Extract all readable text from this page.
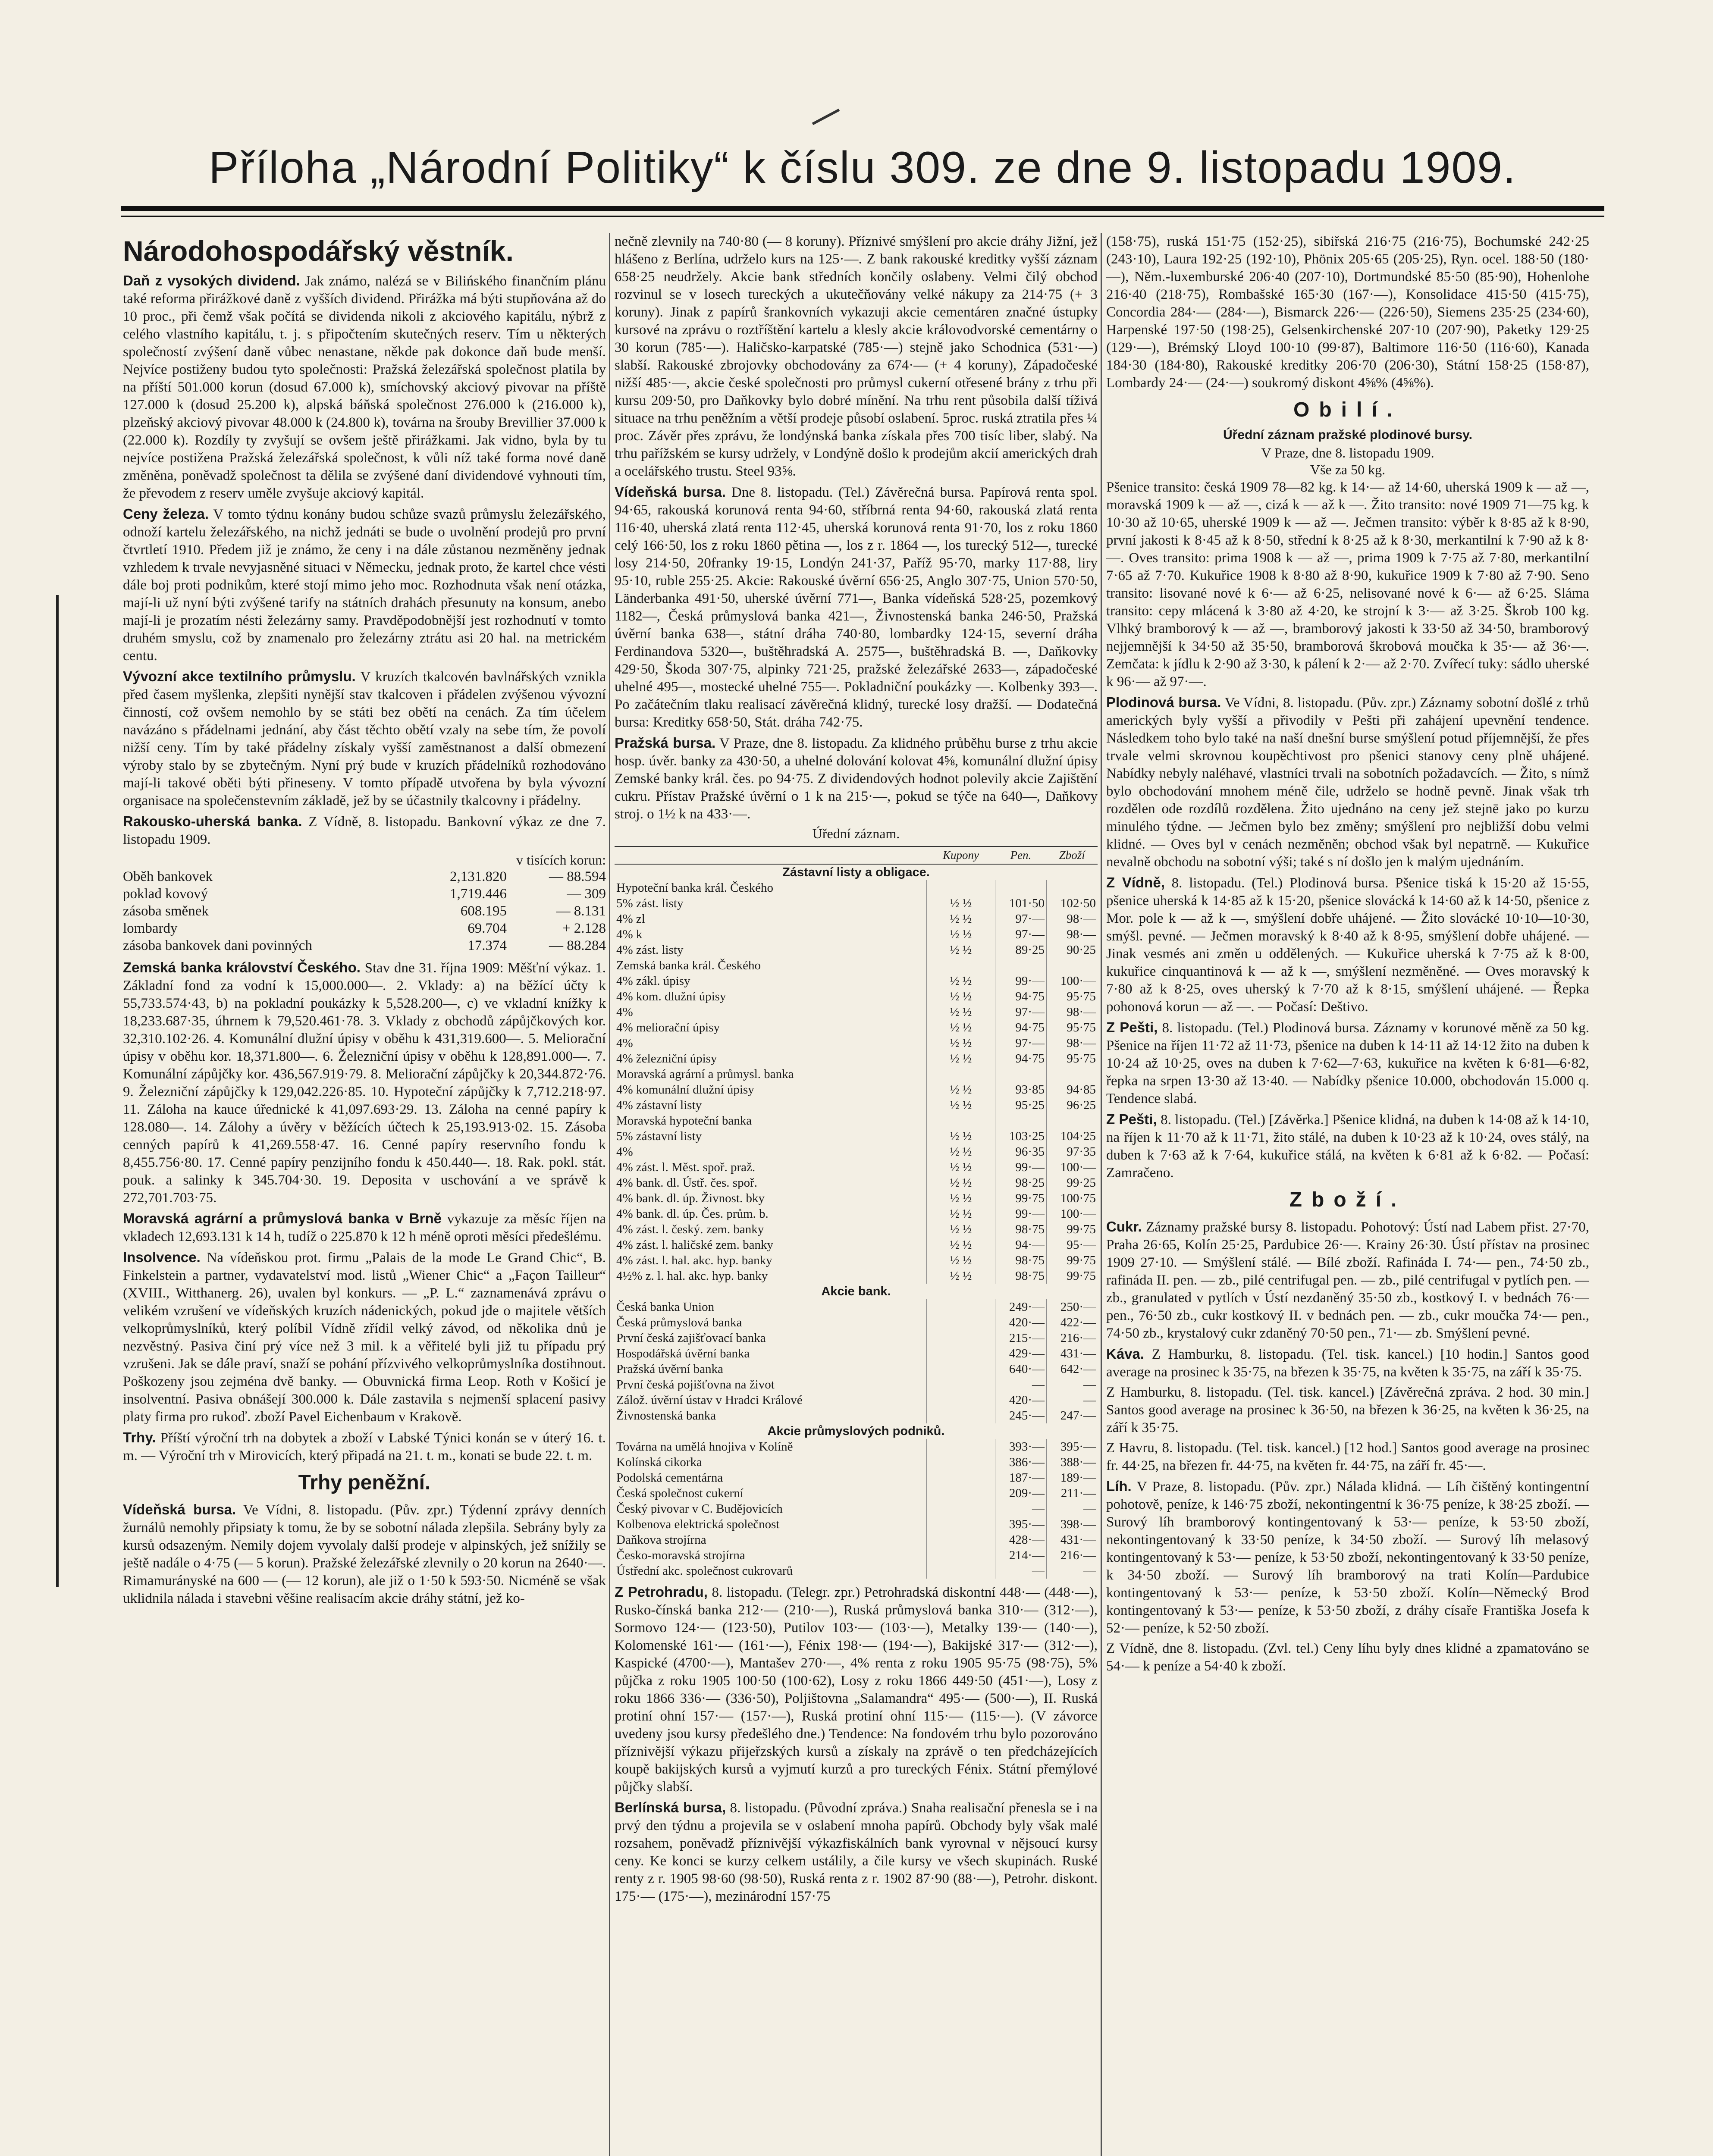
Příloha „Národní Politiky“ k číslu 309. ze dne 9. listopadu 1909.
Národohospodářský věstník.

Daň z vysokých dividend. Jak známo, nalézá se v Bilińského finančním plánu také reforma přirážkové daně z vyšších dividend. Přirážka má býti stupňována až do 10 proc., při čemž však počítá se dividenda nikoli z akciového kapitálu, nýbrž z celého vlastního kapitálu, t. j. s připočtením skutečných reserv. Tím u některých společností zvýšení daně vůbec nenastane, někde pak dokonce daň bude menší. Nejvíce postiženy budou tyto společnosti: Pražská železářská společnost platila by na příští 501.000 korun (dosud 67.000 k), smíchovský akciový pivovar na příště 127.000 k (dosud 25.200 k), alpská báňská společnost 276.000 k (216.000 k), plzeňský akciový pivovar 48.000 k (24.800 k), továrna na šrouby Brevillier 37.000 k (22.000 k). Rozdíly ty zvyšují se ovšem ještě přirážkami. Jak vidno, byla by tu nejvíce postižena Pražská železářská společnost, k vůli níž také forma nové daně změněna, poněvadž společnost ta dělila se zvýšené daní dividendové vyhnouti tím, že převodem z reserv uměle zvyšuje akciový kapitál.

Ceny železa. V tomto týdnu konány budou schůze svazů průmyslu železářského, odnoží kartelu železářského, na nichž jednáti se bude o uvolnění prodejů pro první čtvrtletí 1910. Předem již je známo, že ceny i na dále zůstanou nezměněny jednak vzhledem k trvale nevyjasněné situaci v Německu, jednak proto, že kartel chce vésti dále boj proti podnikům, které stojí mimo jeho moc. Rozhodnuta však není otázka, mají-li už nyní býti zvýšené tarify na státních drahách přesunuty na konsum, anebo mají-li je prozatím nésti železárny samy. Pravděpodobnější jest rozhodnutí v tomto druhém smyslu, což by znamenalo pro železárny ztrátu asi 20 hal. na metrickém centu.

Vývozní akce textilního průmyslu. V kruzích tkalcovén bavlnářských vznikla před časem myšlenka, zlepšiti nynější stav tkalcoven i přádelen zvýšenou vývozní činností, což ovšem nemohlo by se státi bez obětí na cenách. Za tím účelem navázáno s přádelnami jednání, aby část těchto obětí vzaly na sebe tím, že povolí nižší ceny. Tím by také přádelny získaly vyšší zaměstnanost a další obmezení výroby stalo by se zbytečným. Nyní prý bude v kruzích přádelníků rozhodováno mají-li takové oběti býti přineseny. V tomto případě utvořena by byla vývozní organisace na společenstevním základě, jež by se účastnily tkalcovny i přádelny.

Rakousko-uherská banka. Z Vídně, 8. listopadu. Bankovní výkaz ze dne 7. listopadu 1909.

v tisících korun:
Oběh bankovek	2,131.820	— 88.594
poklad kovový	1,719.446	— 309
zásoba směnek	608.195	— 8.131
lombardy	69.704	+ 2.128
zásoba bankovek dani povinných	17.374	— 88.284

Zemská banka království Českého. Stav dne 31. října 1909: Měšťní výkaz. 1. Základní fond za vodní k 15,000.000—. 2. Vklady: a) na běžící účty k 55,733.574·43, b) na pokladní poukázky k 5,528.200—, c) ve vkladní knížky k 18,233.687·35, úhrnem k 79,520.461·78. 3. Vklady z obchodů zápůjčkových kor. 32,310.102·26. 4. Komunální dlužní úpisy v oběhu k 431,319.600—. 5. Meliorační úpisy v oběhu kor. 18,371.800—. 6. Železniční úpisy v oběhu k 128,891.000—. 7. Komunální zápůjčky kor. 436,567.919·79. 8. Meliorační zápůjčky k 20,344.872·76. 9. Železniční zápůjčky k 129,042.226·85. 10. Hypoteční zápůjčky k 7,712.218·97. 11. Záloha na kauce úřednické k 41,097.693·29. 13. Záloha na cenné papíry k 128.080—. 14. Zálohy a úvěry v běžících účtech k 25,193.913·02. 15. Zásoba cenných papírů k 41,269.558·47. 16. Cenné papíry reservního fondu k 8,455.756·80. 17. Cenné papíry penzijního fondu k 450.440—. 18. Rak. pokl. stát. pouk. a salinky k 345.704·30. 19. Deposita v uschování a ve správě k 272,701.703·75.

Moravská agrární a průmyslová banka v Brně vykazuje za měsíc říjen na vkladech 12,693.131 k 14 h, tudíž o 225.870 k 12 h méně oproti měsíci předešlému.

Insolvence. Na vídeňskou prot. firmu „Palais de la mode Le Grand Chic“, B. Finkelstein a partner, vydavatelství mod. listů „Wiener Chic“ a „Façon Tailleur“ (XVIII., Witthanerg. 26), uvalen byl konkurs. — „P. L.“ zaznamenává zprávu o velikém vzrušení ve vídeňských kruzích nádenických, pokud jde o majitele větších velkoprůmyslníků, který políbil Vídně zřídil velký závod, od několika dnů je nezvěstný. Pasiva činí prý více než 3 mil. k a věřitelé byli již tu případu prý vzrušeni. Jak se dále praví, snaží se pohání přízvivého velkoprůmyslníka dostihnout. Poškozeny jsou zejména dvě banky. — Obuvnická firma Leop. Roth v Košicí je insolventní. Pasiva obnášejí 300.000 k. Dále zastavila s nejmenší splacení pasivy platy firma pro rukoď. zboží Pavel Eichenbaum v Krakově.

Trhy. Příští výroční trh na dobytek a zboží v Labské Týnici konán se v úterý 16. t. m. — Výroční trh v Mirovicích, který připadá na 21. t. m., konati se bude 22. t. m.

Trhy peněžní.

Vídeňská bursa. Ve Vídni, 8. listopadu. (Pův. zpr.) Týdenní zprávy denních žurnálů nemohly připsiaty k tomu, že by se sobotní nálada zlepšila. Sebrány byly za kursů odsazeným. Nemily dojem vyvolaly další prodeje v alpinských, jež snížily se ještě nadále o 4·75 (— 5 korun). Pražské železářské zlevnily o 20 korun na 2640·—. Rimamurányské na 600 — (— 12 korun), ale již o 1·50 k 593·50. Nicméně se však uklidnila nálada i stavebni věšine realisacím akcie dráhy státní, jež ko-

nečně zlevnily na 740·80 (— 8 koruny). Příznivé smýšlení pro akcie dráhy Jižní, jež hlášeno z Berlína, udrželo kurs na 125·—. Z bank rakouské kreditky vyšší záznam 658·25 neudržely. Akcie bank středních končily oslabeny. Velmi čilý obchod rozvinul se v losech tureckých a ukutečňovány velké nákupy za 214·75 (+ 3 koruny). Jinak z papírů šrankovních vykazuji akcie cementáren značné ústupky kursové na zprávu o roztříštění kartelu a klesly akcie královodvorské cementárny o 30 korun (785·—). Haličsko-karpatské (785·—) stejně jako Schodnica (531·—) slabší. Rakouské zbrojovky obchodovány za 674·— (+ 4 koruny), Západočeské nižší 485·—, akcie české společnosti pro průmysl cukerní otřesené brány z trhu při kursu 209·50, pro Daňkovky bylo dobré mínění. Na trhu rent působila další tíživá situace na trhu peněžním a větší prodeje působí oslabení. 5proc. ruská ztratila přes ¼ proc. Závěr přes zprávu, že londýnská banka získala přes 700 tisíc liber, slabý. Na trhu pařížském se kursy udržely, v Londýně došlo k prodejům akcií amerických drah a ocelářského trustu. Steel 93⅝.

Vídeňská bursa. Dne 8. listopadu. (Tel.) Závěrečná bursa. Papírová renta spol. 94·65, rakouská korunová renta 94·60, stříbrná renta 94·60, rakouská zlatá renta 116·40, uherská zlatá renta 112·45, uherská korunová renta 91·70, los z roku 1860 celý 166·50, los z roku 1860 pětina —, los z r. 1864 —, los turecký 512—, turecké losy 214·50, 20franky 19·15, Londýn 241·37, Paříž 95·70, marky 117·88, liry 95·10, ruble 255·25. Akcie: Rakouské úvěrní 656·25, Anglo 307·75, Union 570·50, Länderbanka 491·50, uherské úvěrní 771—, Banka vídeňská 528·25, pozemkový 1182—, Česká průmyslová banka 421—, Živnostenská banka 246·50, Pražská úvěrní banka 638—, státní dráha 740·80, lombardky 124·15, severní dráha Ferdinandova 5320—, buštěhradská A. 2575—, buštěhradská B. —, Daňkovky 429·50, Škoda 307·75, alpinky 721·25, pražské železářské 2633—, západočeské uhelné 495—, mostecké uhelné 755—. Pokladniční poukázky —. Kolbenky 393—. Po začátečním tlaku realisací závěrečná klidný, turecké losy dražší. — Dodatečná bursa: Kreditky 658·50, Stát. dráha 742·75.

Pražská bursa. V Praze, dne 8. listopadu. Za klidného průběhu burse z trhu akcie hosp. úvěr. banky za 430·50, a uhelné dolování kolovat 4⅝, komunální dlužní úpisy Zemské banky král. čes. po 94·75. Z dividendových hodnot polevily akcie Zajištění cukru. Přístav Pražské úvěrní o 1 k na 215·—, pokud se týče na 640—, Daňkovy stroj. o 1½ k na 433·—.

Úřední záznam.
	Kupony	Pen.	Zboží
Zástavní listy a obligace.			
Hypoteční banka král. Českého			
5% zást. listy	½ ½	101·50	102·50
4% zl	½ ½	97·—	98·—
4% k	½ ½	97·—	98·—
4% zást. listy	½ ½	89·25	90·25
Zemská banka král. Českého			
4% zákl. úpisy	½ ½	99·—	100·—
4% kom. dlužní úpisy	½ ½	94·75	95·75
4%	½ ½	97·—	98·—
4% meliorační úpisy	½ ½	94·75	95·75
4%	½ ½	97·—	98·—
4% železniční úpisy	½ ½	94·75	95·75
Moravská agrární a průmysl. banka			
4% komunální dlužní úpisy	½ ½	93·85	94·85
4% zástavní listy	½ ½	95·25	96·25
Moravská hypoteční banka			
5% zástavní listy	½ ½	103·25	104·25
4%	½ ½	96·35	97·35
4% zást. l. Měst. spoř. praž.	½ ½	99·—	100·—
4% bank. dl. Ústř. čes. spoř.	½ ½	98·25	99·25
4% bank. dl. úp. Živnost. bky	½ ½	99·75	100·75
4% bank. dl. úp. Čes. prům. b.	½ ½	99·—	100·—
4% zást. l. český. zem. banky	½ ½	98·75	99·75
4% zást. l. haličské zem. banky	½ ½	94·—	95·—
4% zást. l. hal. akc. hyp. banky	½ ½	98·75	99·75
4½% z. l. hal. akc. hyp. banky	½ ½	98·75	99·75
Akcie bank.			
Česká banka Union		249·—	250·—
Česká průmyslová banka		420·—	422·—
První česká zajišťovací banka		215·—	216·—
Hospodářská úvěrní banka		429·—	431·—
Pražská úvěrní banka		640·—	642·—
První česká pojišťovna na život		—	—
Zálož. úvěrní ústav v Hradci Králové		420·—	—
Živnostenská banka		245·—	247·—
Akcie průmyslových podniků.			
Továrna na umělá hnojiva v Kolíně		393·—	395·—
Kolínská cikorka		386·—	388·—
Podolská cementárna		187·—	189·—
Česká společnost cukerní		209·—	211·—
Český pivovar v C. Budějovicích		—	—
Kolbenova elektrická společnost		395·—	398·—
Daňkova strojírna		428·—	431·—
Česko-moravská strojírna		214·—	216·—
Ústřední akc. společnost cukrovarů		—	—

Z Petrohradu, 8. listopadu. (Telegr. zpr.) Petrohradská diskontní 448·— (448·—), Rusko-čínská banka 212·— (210·—), Ruská průmyslová banka 310·— (312·—), Sormovo 124·— (123·50), Putilov 103·— (103·—), Metalky 139·— (140·—), Kolomenské 161·— (161·—), Fénix 198·— (194·—), Bakijské 317·— (312·—), Kaspické (4700·—), Mantašev 270·—, 4% renta z roku 1905 95·75 (98·75), 5% půjčka z roku 1905 100·50 (100·62), Losy z roku 1866 449·50 (451·—), Losy z roku 1866 336·— (336·50), Poljištovna „Salamandra“ 495·— (500·—), II. Ruská protiní ohní 157·— (157·—), Ruská protiní ohní 115·— (115·—). (V závorce uvedeny jsou kursy předešlého dne.) Tendence: Na fondovém trhu bylo pozorováno příznivější výkazu přijeřzských kursů a získaly na zprávě o ten předcházejících koupě bakijských kursů a vyjmutí kurzů a pro tureckých Fénix. Státní přemýlové půjčky slabší.

Berlínská bursa, 8. listopadu. (Původní zpráva.) Snaha realisační přenesla se i na prvý den týdnu a projevila se v oslabení mnoha papírů. Obchody byly však malé rozsahem, poněvadž příznivější výkazfiskálních bank vyrovnal v nějsoucí kursy ceny. Ke konci se kurzy celkem ustálily, a čile kursy ve všech skupinách. Ruské renty z r. 1905 98·60 (98·50), Ruská renta z r. 1902 87·90 (88·—), Petrohr. diskont. 175·— (175·—), mezinárodní 157·75

(158·75), ruská 151·75 (152·25), sibiřská 216·75 (216·75), Bochumské 242·25 (243·10), Laura 192·25 (192·10), Phönix 205·65 (205·25), Ryn. ocel. 188·50 (180·—), Něm.-luxemburské 206·40 (207·10), Dortmundské 85·50 (85·90), Hohenlohe 216·40 (218·75), Rombašské 165·30 (167·—), Konsolidace 415·50 (415·75), Concordia 284·— (284·—), Bismarck 226·— (226·50), Siemens 235·25 (234·60), Harpenské 197·50 (198·25), Gelsenkirchenské 207·10 (207·90), Paketky 129·25 (129·—), Brémský Lloyd 100·10 (99·87), Baltimore 116·50 (116·60), Kanada 184·30 (184·80), Rakouské kreditky 206·70 (206·30), Státní 158·25 (158·87), Lombardy 24·— (24·—) soukromý diskont 4⅝% (4⅝%).

Obilí.
Úřední záznam pražské plodinové bursy.
V Praze, dne 8. listopadu 1909.
Vše za 50 kg.

Pšenice transito: česká 1909 78—82 kg. k 14·— až 14·60, uherská 1909 k — až —, moravská 1909 k — až —, cizá k — až k —. Žito transito: nové 1909 71—75 kg. k 10·30 až 10·65, uherské 1909 k — až —. Ječmen transito: výběr k 8·85 až k 8·90, první jakosti k 8·45 až k 8·50, střední k 8·25 až k 8·30, merkantilní k 7·90 až k 8·—. Oves transito: prima 1908 k — až —, prima 1909 k 7·75 až 7·80, merkantilní 7·65 až 7·70. Kukuřice 1908 k 8·80 až 8·90, kukuřice 1909 k 7·80 až 7·90. Seno transito: lisované nové k 6·— až 6·25, nelisované nové k 6·— až 6·25. Sláma transito: cepy mlácená k 3·80 až 4·20, ke strojní k 3·— až 3·25. Škrob 100 kg. Vlhký bramborový k — až —, bramborový jakosti k 33·50 až 34·50, bramborový nejjemnější k 34·50 až 35·50, bramborová škrobová moučka k 35·— až 36·—. Zemčata: k jídlu k 2·90 až 3·30, k pálení k 2·— až 2·70. Zvířecí tuky: sádlo uherské k 96·— až 97·—.

Plodinová bursa. Ve Vídni, 8. listopadu. (Pův. zpr.) Záznamy sobotní došlé z trhů amerických byly vyšší a přivodily v Pešti při zahájení upevnění tendence. Následkem toho bylo také na naší dnešní burse smýšlení potud příjemnější, že přes trvale velmi skrovnou koupěchtivost pro pšenici stanovy ceny plně uhájené. Nabídky nebyly naléhavé, vlastníci trvali na sobotních požadavcích. — Žito, s nímž bylo obchodování mnohem méně čile, udrželo se hodně pevně. Jinak však trh rozdělen ode rozdílů rozdělena. Žito ujednáno na ceny jež stejnē jako po kurzu minulého týdne. — Ječmen bylo bez změny; smýšlení pro nejbližší dobu velmi klidné. — Oves byl v cenách nezměněn; obchod však byl nepatrně. — Kukuřice nevalně obchodu na sobotní výši; také s ní došlo jen k malým ujednáním.

Z Vídně, 8. listopadu. (Tel.) Plodinová bursa. Pšenice tiská k 15·20 až 15·55, pšenice uherská k 14·85 až k 15·20, pšenice slovácká k 14·60 až k 14·50, pšenice z Mor. pole k — až k —, smýšlení dobře uhájené. — Žito slovácké 10·10—10·30, smýšl. pevné. — Ječmen moravský k 8·40 až k 8·95, smýšlení dobře uhájené. — Jinak vesmés ani změn u oddělených. — Kukuřice uherská k 7·75 až k 8·00, kukuřice cinquantinová k — až k —, smýšlení nezměněné. — Oves moravský k 7·80 až k 8·25, oves uherský k 7·70 až k 8·15, smýšlení uhájené. — Řepka pohonová korun — až —. — Počasí: Deštivo.

Z Pešti, 8. listopadu. (Tel.) Plodinová bursa. Záznamy v korunové měně za 50 kg. Pšenice na říjen 11·72 až 11·73, pšenice na duben k 14·11 až 14·12 žito na duben k 10·24 až 10·25, oves na duben k 7·62—7·63, kukuřice na květen k 6·81—6·82, řepka na srpen 13·30 až 13·40. — Nabídky pšenice 10.000, obchodován 15.000 q. Tendence slabá.

Z Pešti, 8. listopadu. (Tel.) [Závěrka.] Pšenice klidná, na duben k 14·08 až k 14·10, na říjen k 11·70 až k 11·71, žito stálé, na duben k 10·23 až k 10·24, oves stálý, na duben k 7·63 až k 7·64, kukuřice stálá, na květen k 6·81 až k 6·82. — Počasí: Zamračeno.

Zboží.

Cukr. Záznamy pražské bursy 8. listopadu. Pohotový: Ústí nad Labem přist. 27·70, Praha 26·65, Kolín 25·25, Pardubice 26·—. Krainy 26·30. Ústí přístav na prosinec 1909 27·10. — Smýšlení stálé. — Bílé zboží. Rafináda I. 74·— pen., 74·50 zb., rafináda II. pen. — zb., pilé centrifugal pen. — zb., pilé centrifugal v pytlích pen. — zb., granulated v pytlích v Ústí nezdaněný 35·50 zb., kostkový I. v bednách 76·— pen., 76·50 zb., cukr kostkový II. v bednách pen. — zb., cukr moučka 74·— pen., 74·50 zb., krystalový cukr zdaněný 70·50 pen., 71·— zb. Smýšlení pevné.

Káva. Z Hamburku, 8. listopadu. (Tel. tisk. kancel.) [10 hodin.] Santos good average na prosinec k 35·75, na březen k 35·75, na květen k 35·75, na září k 35·75.

Z Hamburku, 8. listopadu. (Tel. tisk. kancel.) [Závěrečná zpráva. 2 hod. 30 min.] Santos good average na prosinec k 36·50, na březen k 36·25, na květen k 36·25, na září k 35·75.

Z Havru, 8. listopadu. (Tel. tisk. kancel.) [12 hod.] Santos good average na prosinec fr. 44·25, na březen fr. 44·75, na květen fr. 44·75, na září fr. 45·—.

Líh. V Praze, 8. listopadu. (Pův. zpr.) Nálada klidná. — Líh čištěný kontingentní pohotově, peníze, k 146·75 zboží, nekontingentní k 36·75 peníze, k 38·25 zboží. — Surový líh bramborový kontingentovaný k 53·— peníze, k 53·50 zboží, nekontingentovaný k 33·50 peníze, k 34·50 zboží. — Surový líh melasový kontingentovaný k 53·— peníze, k 53·50 zboží, nekontingentovaný k 33·50 peníze, k 34·50 zboží. — Surový líh bramborový na trati Kolín—Pardubice kontingentovaný k 53·— peníze, k 53·50 zboží. Kolín—Německý Brod kontingentovaný k 53·— peníze, k 53·50 zboží, z dráhy císaře Františka Josefa k 52·— peníze, k 52·50 zboží.

Z Vídně, dne 8. listopadu. (Zvl. tel.) Ceny líhu byly dnes klidné a zpamatováno se 54·— k peníze a 54·40 k zboží.
